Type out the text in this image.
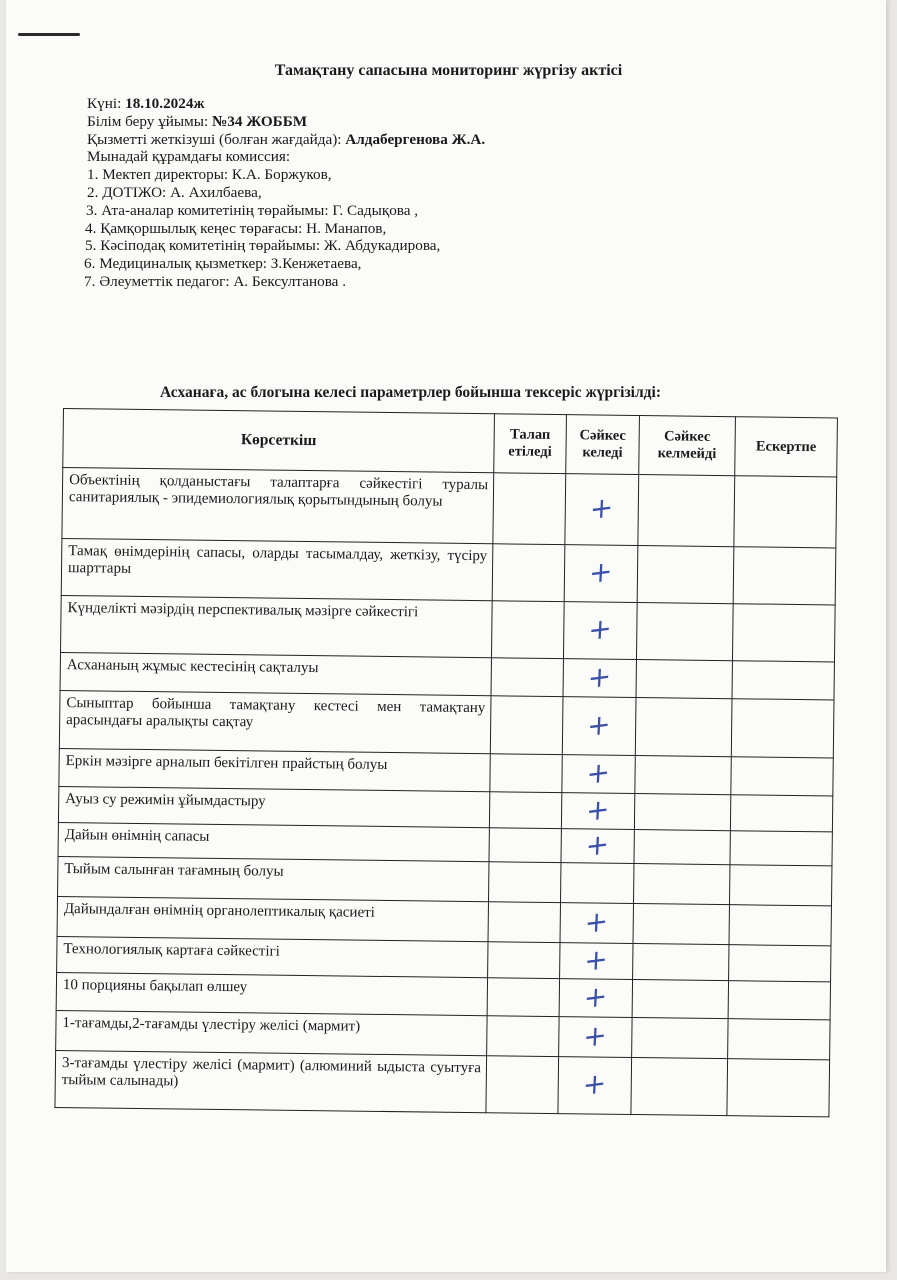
Тамақтану сапасына мониторинг жүргізу актісі
Күні: 18.10.2024ж
Білім беру ұйымы: №34 ЖОББМ
Қызметті жеткізуші (болған жағдайда): Алдабергенова Ж.А.
Мынадай құрамдағы комиссия:
1. Мектеп директоры: К.А. Боржуков,
2. ДОТІЖО: А. Ахилбаева,
3. Ата-аналар комитетінің төрайымы: Г. Садықова ,
4. Қамқоршылық кеңес төрағасы: Н. Манапов,
5. Кәсіподақ комитетінің төрайымы: Ж. Абдукадирова,
6. Медициналық қызметкер: З.Кенжетаева,
7. Әлеуметтік педагог: А. Бексултанова .
Асханаға, ас блогына келесі параметрлер бойынша тексеріс жүргізілді:
Көрсеткіш	Талап етіледі	Сәйкес келеді	Сәйкес келмейді	Ескертпе
Объектінің қолданыстағы талаптарға сәйкестігі туралы санитариялық - эпидемиологиялық қорытындының болуы		+		
Тамақ өнімдерінің сапасы, оларды тасымалдау, жеткізу, түсіру шарттары		+		
Күнделікті мәзірдің перспективалық мәзірге сәйкестігі		+		
Асхананың жұмыс кестесінің сақталуы		+		
Сыныптар бойынша тамақтану кестесі мен тамақтану арасындағы аралықты сақтау		+		
Еркін мәзірге арналып бекітілген прайстың болуы		+		
Ауыз су режимін ұйымдастыру		+		
Дайын өнімнің сапасы		+		
Тыйым салынған тағамның болуы				
Дайындалған өнімнің органолептикалық қасиеті		+		
Технологиялық картаға сәйкестігі		+		
10 порцияны бақылап өлшеу		+		
1-тағамды,2-тағамды үлестіру желісі (мармит)		+		
3-тағамды үлестіру желісі (мармит) (алюминий ыдыста суытуға тыйым салынады)		+		
